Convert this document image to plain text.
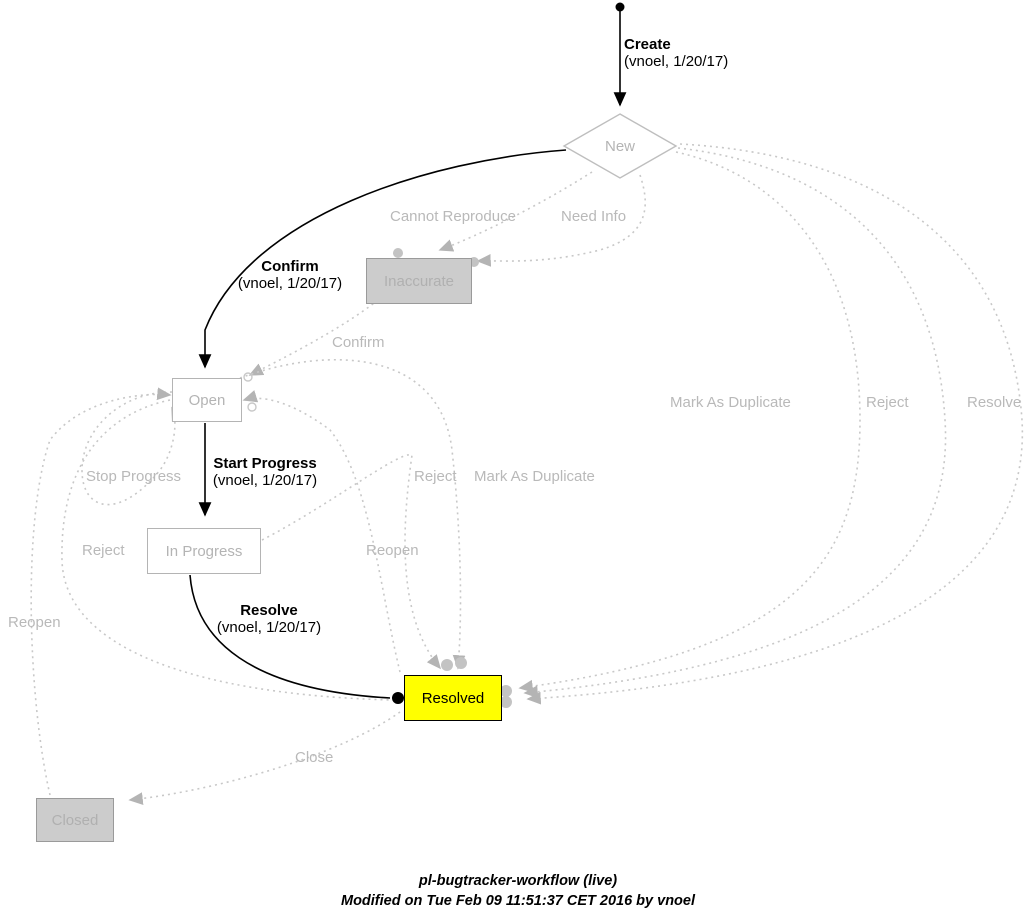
New
Inaccurate
Open
In Progress
Resolved
Closed
Create
(vnoel, 1/20/17)
Cannot Reproduce	Need Info
Confirm
(vnoel, 1/20/17)
Confirm
Mark As Duplicate	Reject	Resolve
Stop Progress
Start Progress
(vnoel, 1/20/17)
Reject
Reject Mark As Duplicate
Reopen
Reopen
Resolve
(vnoel, 1/20/17)
Close
pl-bugtracker-workflow (live)
Modified on Tue Feb 09 11:51:37 CET 2016 by vnoel
